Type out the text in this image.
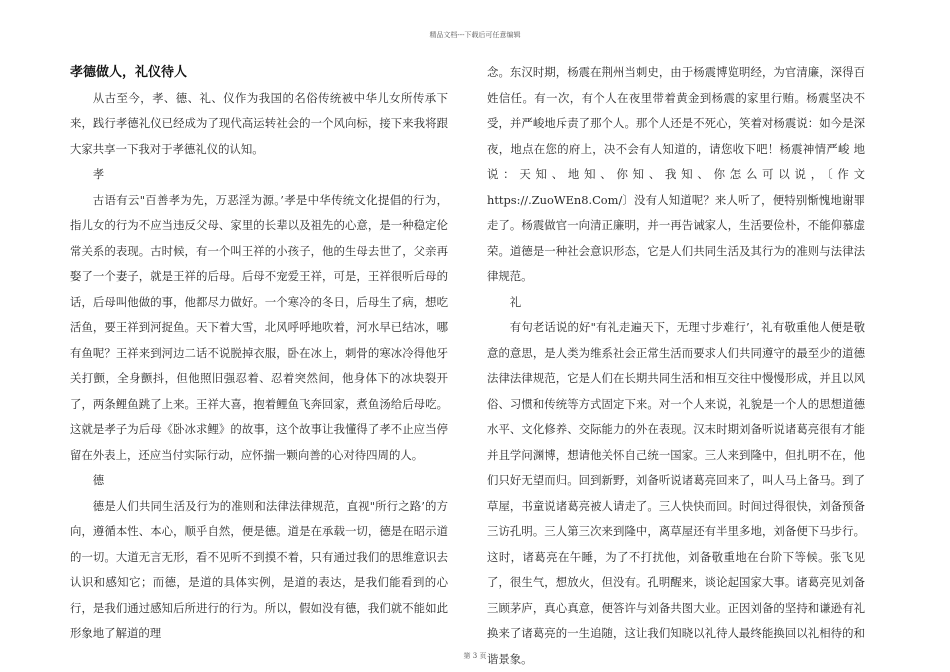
精品文档---下载后可任意编辑
孝德做人，礼仪待人

从古至今，孝、德、礼、仪作为我国的名俗传统被中华儿女所传承下来，践行孝德礼仪已经成为了现代高运转社会的一个风向标，接下来我将跟大家共享一下我对于孝德礼仪的认知。

孝

古语有云"百善孝为先，万恶淫为源。’孝是中华传统文化提倡的行为，指儿女的行为不应当违反父母、家里的长辈以及祖先的心意，是一种稳定伦常关系的表现。古时候，有一个叫王祥的小孩子，他的生母去世了，父亲再娶了一个妻子，就是王祥的后母。后母不宠爱王祥，可是，王祥很听后母的话，后母叫他做的事，他都尽力做好。一个寒冷的冬日，后母生了病，想吃活鱼，要王祥到河捉鱼。天下着大雪，北风呼呼地吹着，河水早已结冰，哪有鱼呢？王祥来到河边二话不说脱掉衣服，卧在冰上，刺骨的寒冰冷得他牙关打颤，全身颤抖，但他照旧强忍着、忍着突然间，他身体下的冰块裂开了，两条鲤鱼跳了上来。王祥大喜，抱着鲤鱼飞奔回家，煮鱼汤给后母吃。这就是孝子为后母《卧冰求鲤》的故事，这个故事让我懂得了孝不止应当停留在外表上，还应当付实际行动，应怀揣一颗向善的心对待四周的人。

德

德是人们共同生活及行为的准则和法律法律规范，直视"所行之路’的方向，遵循本性、本心，顺乎自然，便是德。道是在承载一切，德是在昭示道的一切。大道无言无形，看不见听不到摸不着，只有通过我们的思维意识去认识和感知它；而德，是道的具体实例，是道的表达，是我们能看到的心行，是我们通过感知后所进行的行为。所以，假如没有德，我们就不能如此形象地了解道的理

念。东汉时期，杨震在荆州当刺史，由于杨震博览明经，为官清廉，深得百姓信任。有一次，有个人在夜里带着黄金到杨震的家里行贿。杨震坚决不受，并严峻地斥责了那个人。那个人还是不死心，笑着对杨震说：如今是深夜，地点在您的府上，决不会有人知道的，请您收下吧！杨震神情严峻 地说：天知、地知、你知、我知、你怎么可以说，〔作文https://.ZuoWEn8.Com/〕没有人知道呢？来人听了，便特别惭愧地谢罪走了。杨震做官一向清正廉明，并一再告诫家人，生活要俭朴，不能仰慕虚荣。道德是一种社会意识形态，它是人们共同生活及其行为的准则与法律法律规范。

礼

有句老话说的好"有礼走遍天下，无理寸步难行’，礼有敬重他人便是敬意的意思，是人类为维系社会正常生活而要求人们共同遵守的最至少的道德法律法律规范，它是人们在长期共同生活和相互交往中慢慢形成，并且以风俗、习惯和传统等方式固定下来。对一个人来说，礼貌是一个人的思想道德水平、文化修养、交际能力的外在表现。汉末时期刘备听说诸葛亮很有才能并且学问渊博，想请他关怀自己统一国家。三人来到隆中，但扎明不在，他们只好无望而归。回到新野，刘备听说诸葛亮回来了，叫人马上备马。到了草屋，书童说诸葛亮被人请走了。三人快快而回。时间过得很快，刘备预备三访孔明。三人第三次来到隆中，离草屋还有半里多地，刘备便下马步行。这时，诸葛亮在午睡，为了不打扰他，刘备敬重地在台阶下等候。张飞见了，很生气，想放火，但没有。孔明醒来，谈论起国家大事。诸葛亮见刘备三顾茅庐，真心真意，便答许与刘备共图大业。正因刘备的坚持和谦逊有礼换来了诸葛亮的一生追随，这让我们知晓以礼待人最终能换回以礼相待的和谐景象。

第 3 页
